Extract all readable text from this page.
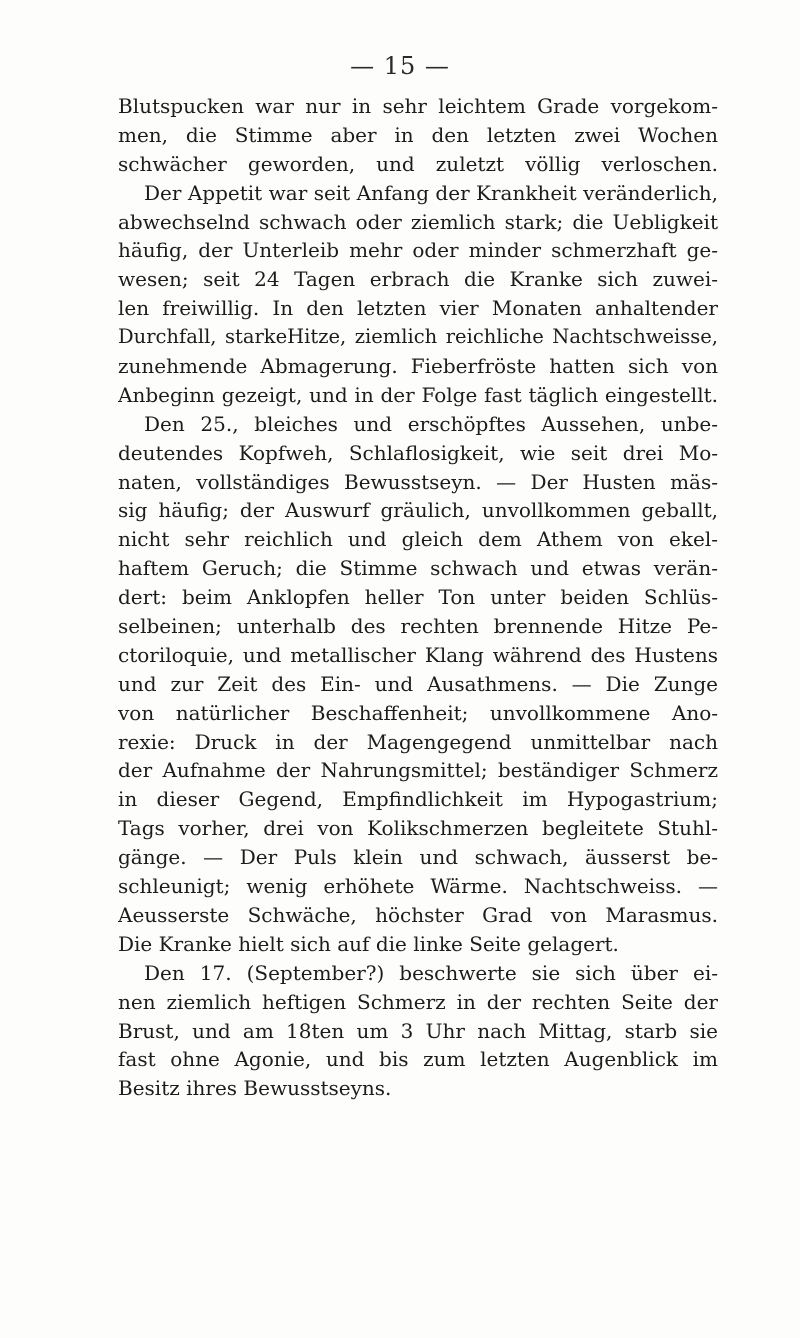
— 15 —
Blutspucken war nur in sehr leichtem Grade vorgekom-
men, die Stimme aber in den letzten zwei Wochen
schwächer geworden, und zuletzt völlig verloschen.
Der Appetit war seit Anfang der Krankheit veränderlich,
abwechselnd schwach oder ziemlich stark; die Uebligkeit
häufig, der Unterleib mehr oder minder schmerzhaft ge-
wesen; seit 24 Tagen erbrach die Kranke sich zuwei-
len freiwillig. In den letzten vier Monaten anhaltender
Durchfall, starkeHitze, ziemlich reichliche Nachtschweisse,
zunehmende Abmagerung. Fieberfröste hatten sich von
Anbeginn gezeigt, und in der Folge fast täglich eingestellt.
Den 25., bleiches und erschöpftes Aussehen, unbe-
deutendes Kopfweh, Schlaflosigkeit, wie seit drei Mo-
naten, vollständiges Bewusstseyn. — Der Husten mäs-
sig häufig; der Auswurf gräulich, unvollkommen geballt,
nicht sehr reichlich und gleich dem Athem von ekel-
haftem Geruch; die Stimme schwach und etwas verän-
dert: beim Anklopfen heller Ton unter beiden Schlüs-
selbeinen; unterhalb des rechten brennende Hitze Pe-
ctoriloquie, und metallischer Klang während des Hustens
und zur Zeit des Ein- und Ausathmens. — Die Zunge
von natürlicher Beschaffenheit; unvollkommene Ano-
rexie: Druck in der Magengegend unmittelbar nach
der Aufnahme der Nahrungsmittel; beständiger Schmerz
in dieser Gegend, Empfindlichkeit im Hypogastrium;
Tags vorher, drei von Kolikschmerzen begleitete Stuhl-
gänge. — Der Puls klein und schwach, äusserst be-
schleunigt; wenig erhöhete Wärme. Nachtschweiss. —
Aeusserste Schwäche, höchster Grad von Marasmus.
Die Kranke hielt sich auf die linke Seite gelagert.
Den 17. (September?) beschwerte sie sich über ei-
nen ziemlich heftigen Schmerz in der rechten Seite der
Brust, und am 18ten um 3 Uhr nach Mittag, starb sie
fast ohne Agonie, und bis zum letzten Augenblick im
Besitz ihres Bewusstseyns.
